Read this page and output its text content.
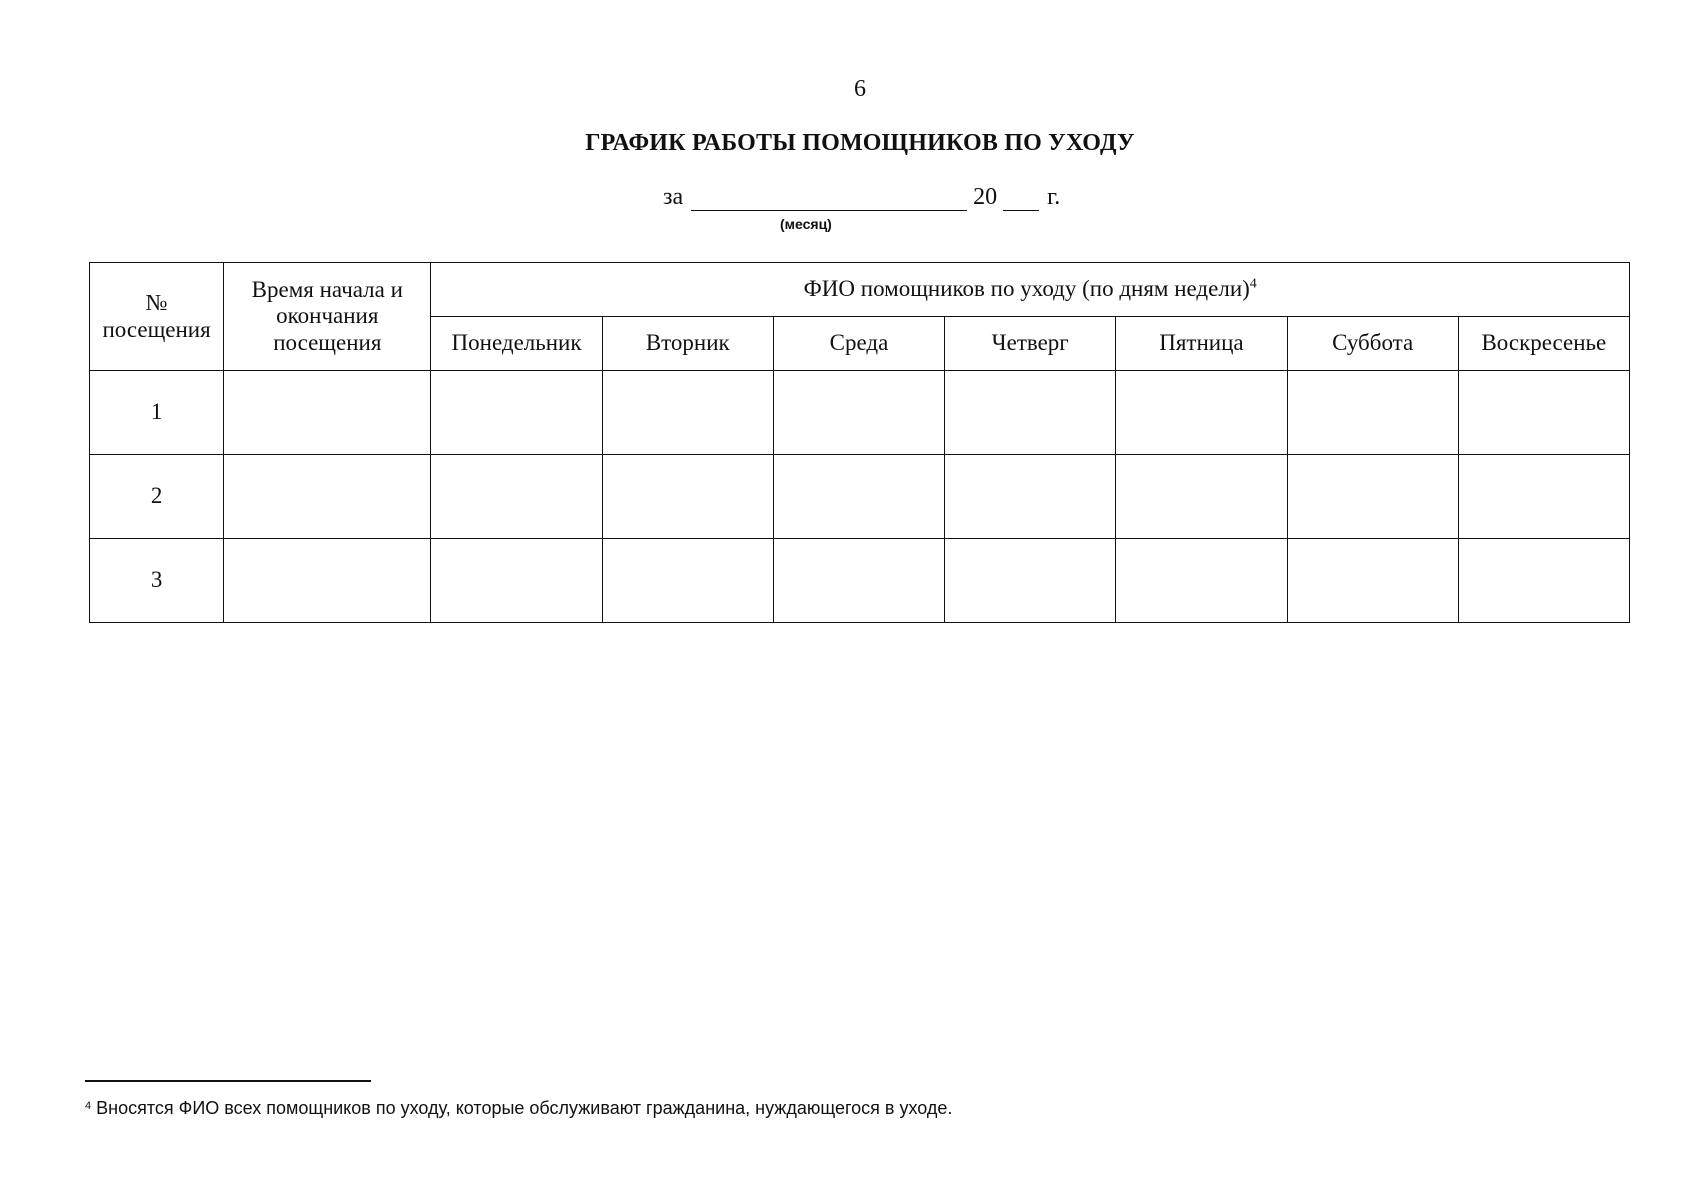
6
ГРАФИК РАБОТЫ ПОМОЩНИКОВ ПО УХОДУ
за	20 г.
(месяц)
№ посещения	Время начала и окончания посещения	ФИО помощников по уходу (по дням недели)$^4$
		Понедельник	Вторник	Среда	Четверг	Пятница	Суббота	Воскресенье
1								
2								
3								
$^4$ Вносятся ФИО всех помощников по уходу, которые обслуживают гражданина, нуждающегося в уходе.
